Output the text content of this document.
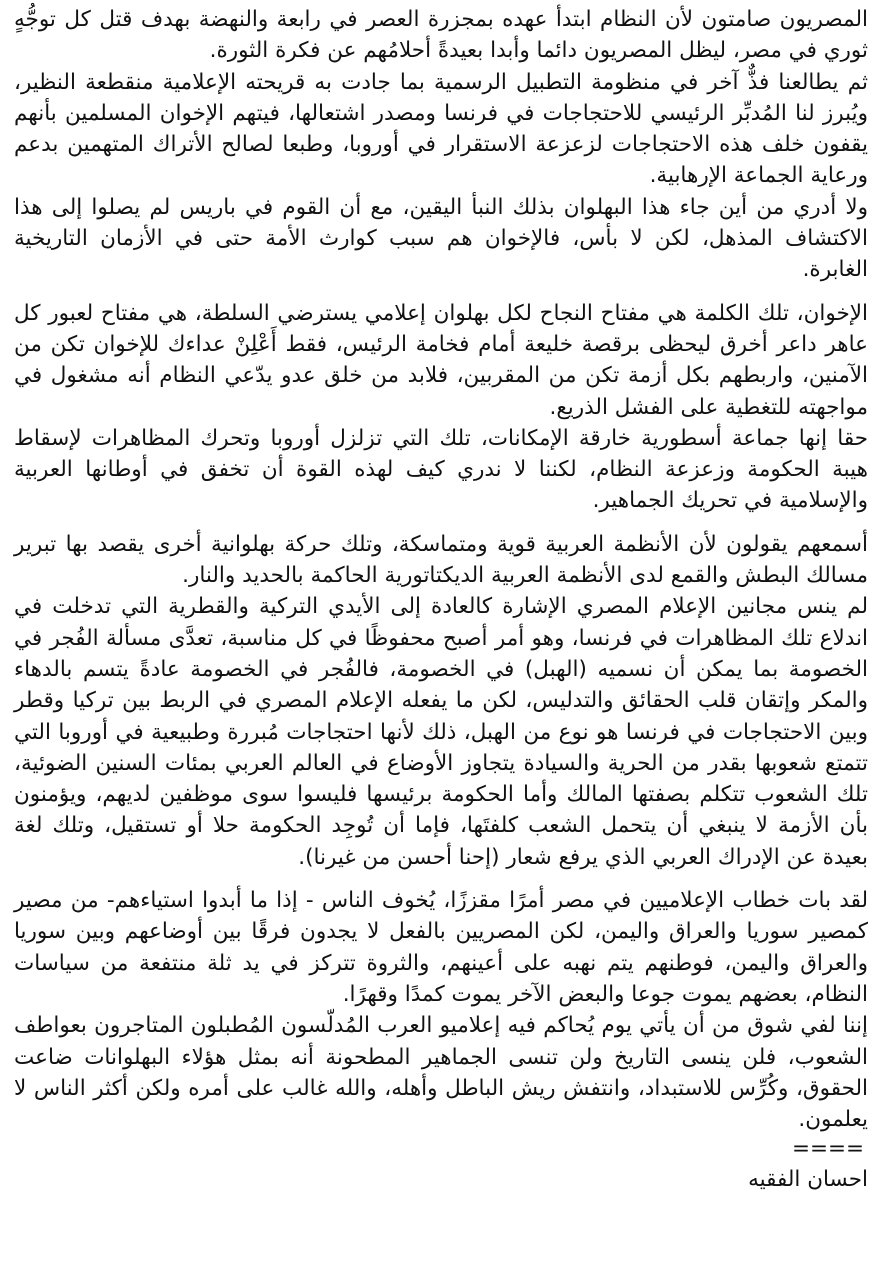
المصريون صامتون لأن النظام ابتدأ عهده بمجزرة العصر في رابعة والنهضة بهدف قتل كل توجُّهٍ ثوري في مصر، ليظل المصريون دائما وأبدا بعيدةً أحلامُهم عن فكرة الثورة.

ثم يطالعنا فذٌّ آخر في منظومة التطبيل الرسمية بما جادت به قريحته الإعلامية منقطعة النظير، ويُبرز لنا المُدبِّر الرئيسي للاحتجاجات في فرنسا ومصدر اشتعالها، فيتهم الإخوان المسلمين بأنهم يقفون خلف هذه الاحتجاجات لزعزعة الاستقرار في أوروبا، وطبعا لصالح الأتراك المتهمين بدعم ورعاية الجماعة الإرهابية.

ولا أدري من أين جاء هذا البهلوان بذلك النبأ اليقين، مع أن القوم في باريس لم يصلوا إلى هذا الاكتشاف المذهل، لكن لا بأس، فالإخوان هم سبب كوارث الأمة حتى في الأزمان التاريخية الغابرة.

الإخوان، تلك الكلمة هي مفتاح النجاح لكل بهلوان إعلامي يسترضي السلطة، هي مفتاح لعبور كل عاهر داعر أخرق ليحظى برقصة خليعة أمام فخامة الرئيس، فقط أَعْلِنْ عداءك للإخوان تكن من الآمنين، واربطهم بكل أزمة تكن من المقربين، فلابد من خلق عدو يدّعي النظام أنه مشغول في مواجهته للتغطية على الفشل الذريع.

حقا إنها جماعة أسطورية خارقة الإمكانات، تلك التي تزلزل أوروبا وتحرك المظاهرات لإسقاط هيبة الحكومة وزعزعة النظام، لكننا لا ندري كيف لهذه القوة أن تخفق في أوطانها العربية والإسلامية في تحريك الجماهير.

أسمعهم يقولون لأن الأنظمة العربية قوية ومتماسكة، وتلك حركة بهلوانية أخرى يقصد بها تبرير مسالك البطش والقمع لدى الأنظمة العربية الديكتاتورية الحاكمة بالحديد والنار.

لم ينس مجانين الإعلام المصري الإشارة كالعادة إلى الأيدي التركية والقطرية التي تدخلت في اندلاع تلك المظاهرات في فرنسا، وهو أمر أصبح محفوظًا في كل مناسبة، تعدَّى مسألة الفُجر في الخصومة بما يمكن أن نسميه (الهبل) في الخصومة، فالفُجر في الخصومة عادةً يتسم بالدهاء والمكر وإتقان قلب الحقائق والتدليس، لكن ما يفعله الإعلام المصري في الربط بين تركيا وقطر وبين الاحتجاجات في فرنسا هو نوع من الهبل، ذلك لأنها احتجاجات مُبررة وطبيعية في أوروبا التي تتمتع شعوبها بقدر من الحرية والسيادة يتجاوز الأوضاع في العالم العربي بمئات السنين الضوئية، تلك الشعوب تتكلم بصفتها المالك وأما الحكومة برئيسها فليسوا سوى موظفين لديهم، ويؤمنون بأن الأزمة لا ينبغي أن يتحمل الشعب كلفتَها، فإما أن تُوجِد الحكومة حلا أو تستقيل، وتلك لغة بعيدة عن الإدراك العربي الذي يرفع شعار (إحنا أحسن من غيرنا).

لقد بات خطاب الإعلاميين في مصر أمرًا مقززًا، يُخوف الناس - إذا ما أبدوا استياءهم- من مصير كمصير سوريا والعراق واليمن، لكن المصريين بالفعل لا يجدون فرقًا بين أوضاعهم وبين سوريا والعراق واليمن، فوطنهم يتم نهبه على أعينهم، والثروة تتركز في يد ثلة منتفعة من سياسات النظام، بعضهم يموت جوعا والبعض الآخر يموت كمدًا وقهرًا.

إننا لفي شوق من أن يأتي يوم يُحاكم فيه إعلاميو العرب المُدلّسون المُطبلون المتاجرون بعواطف الشعوب، فلن ينسى التاريخ ولن تنسى الجماهير المطحونة أنه بمثل هؤلاء البهلوانات ضاعت الحقوق، وكُرِّس للاستبداد، وانتفش ريش الباطل وأهله، والله غالب على أمره ولكن أكثر الناس لا يعلمون.

====

احسان الفقيه
